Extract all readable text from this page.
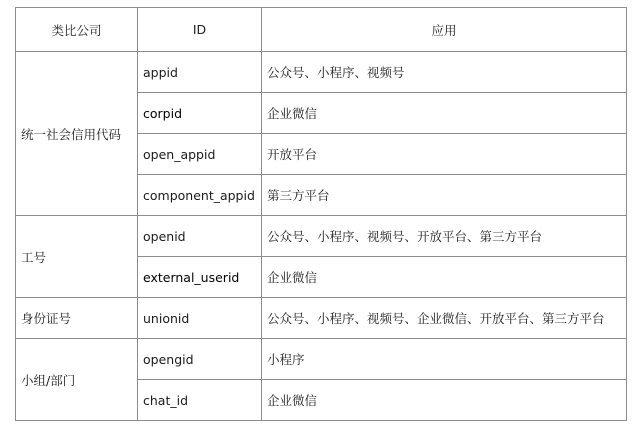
类比公司	ID	应用
统一社会信用代码	appid	公众号、小程序、视频号
	corpid	企业微信
	open_appid	开放平台
	component_appid	第三方平台
工号	openid	公众号、小程序、视频号、开放平台、第三方平台
	external_userid	企业微信
身份证号	unionid	公众号、小程序、视频号、企业微信、开放平台、第三方平台
小组/部门	opengid	小程序
	chat_id	企业微信
